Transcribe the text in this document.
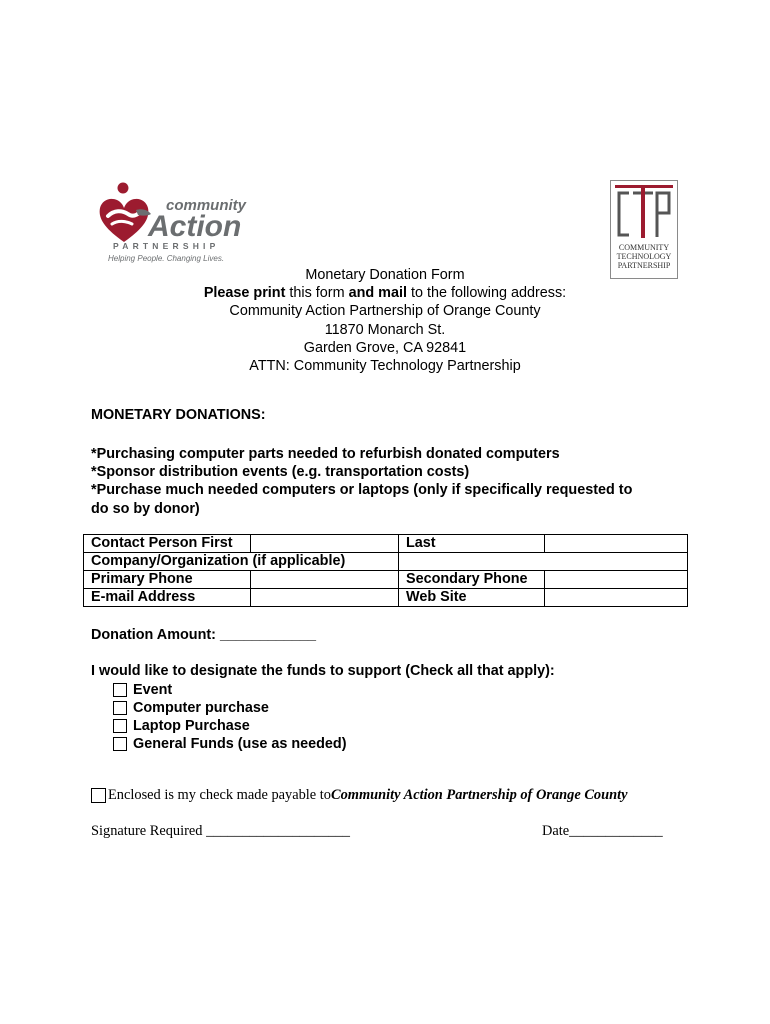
community
Action
PARTNERSHIP
Helping People. Changing Lives.
COMMUNITY
TECHNOLOGY
PARTNERSHIP
Monetary Donation Form
Please print this form and mail to the following address:
Community Action Partnership of Orange County
11870 Monarch St.
Garden Grove, CA 92841
ATTN: Community Technology Partnership
MONETARY DONATIONS:
*Purchasing computer parts needed to refurbish donated computers
*Sponsor distribution events (e.g. transportation costs)
*Purchase much needed computers or laptops (only if specifically requested to
do so by donor)
Contact Person First		Last	
Company/Organization (if applicable)			
Primary Phone		Secondary Phone	
E-mail Address		Web Site	
Donation Amount: ____________
I would like to designate the funds to support (Check all that apply):
Event
Computer purchase
Laptop Purchase
General Funds (use as needed)
Enclosed is my check made payable to Community Action Partnership of Orange County
Signature Required ____________________	Date_____________
